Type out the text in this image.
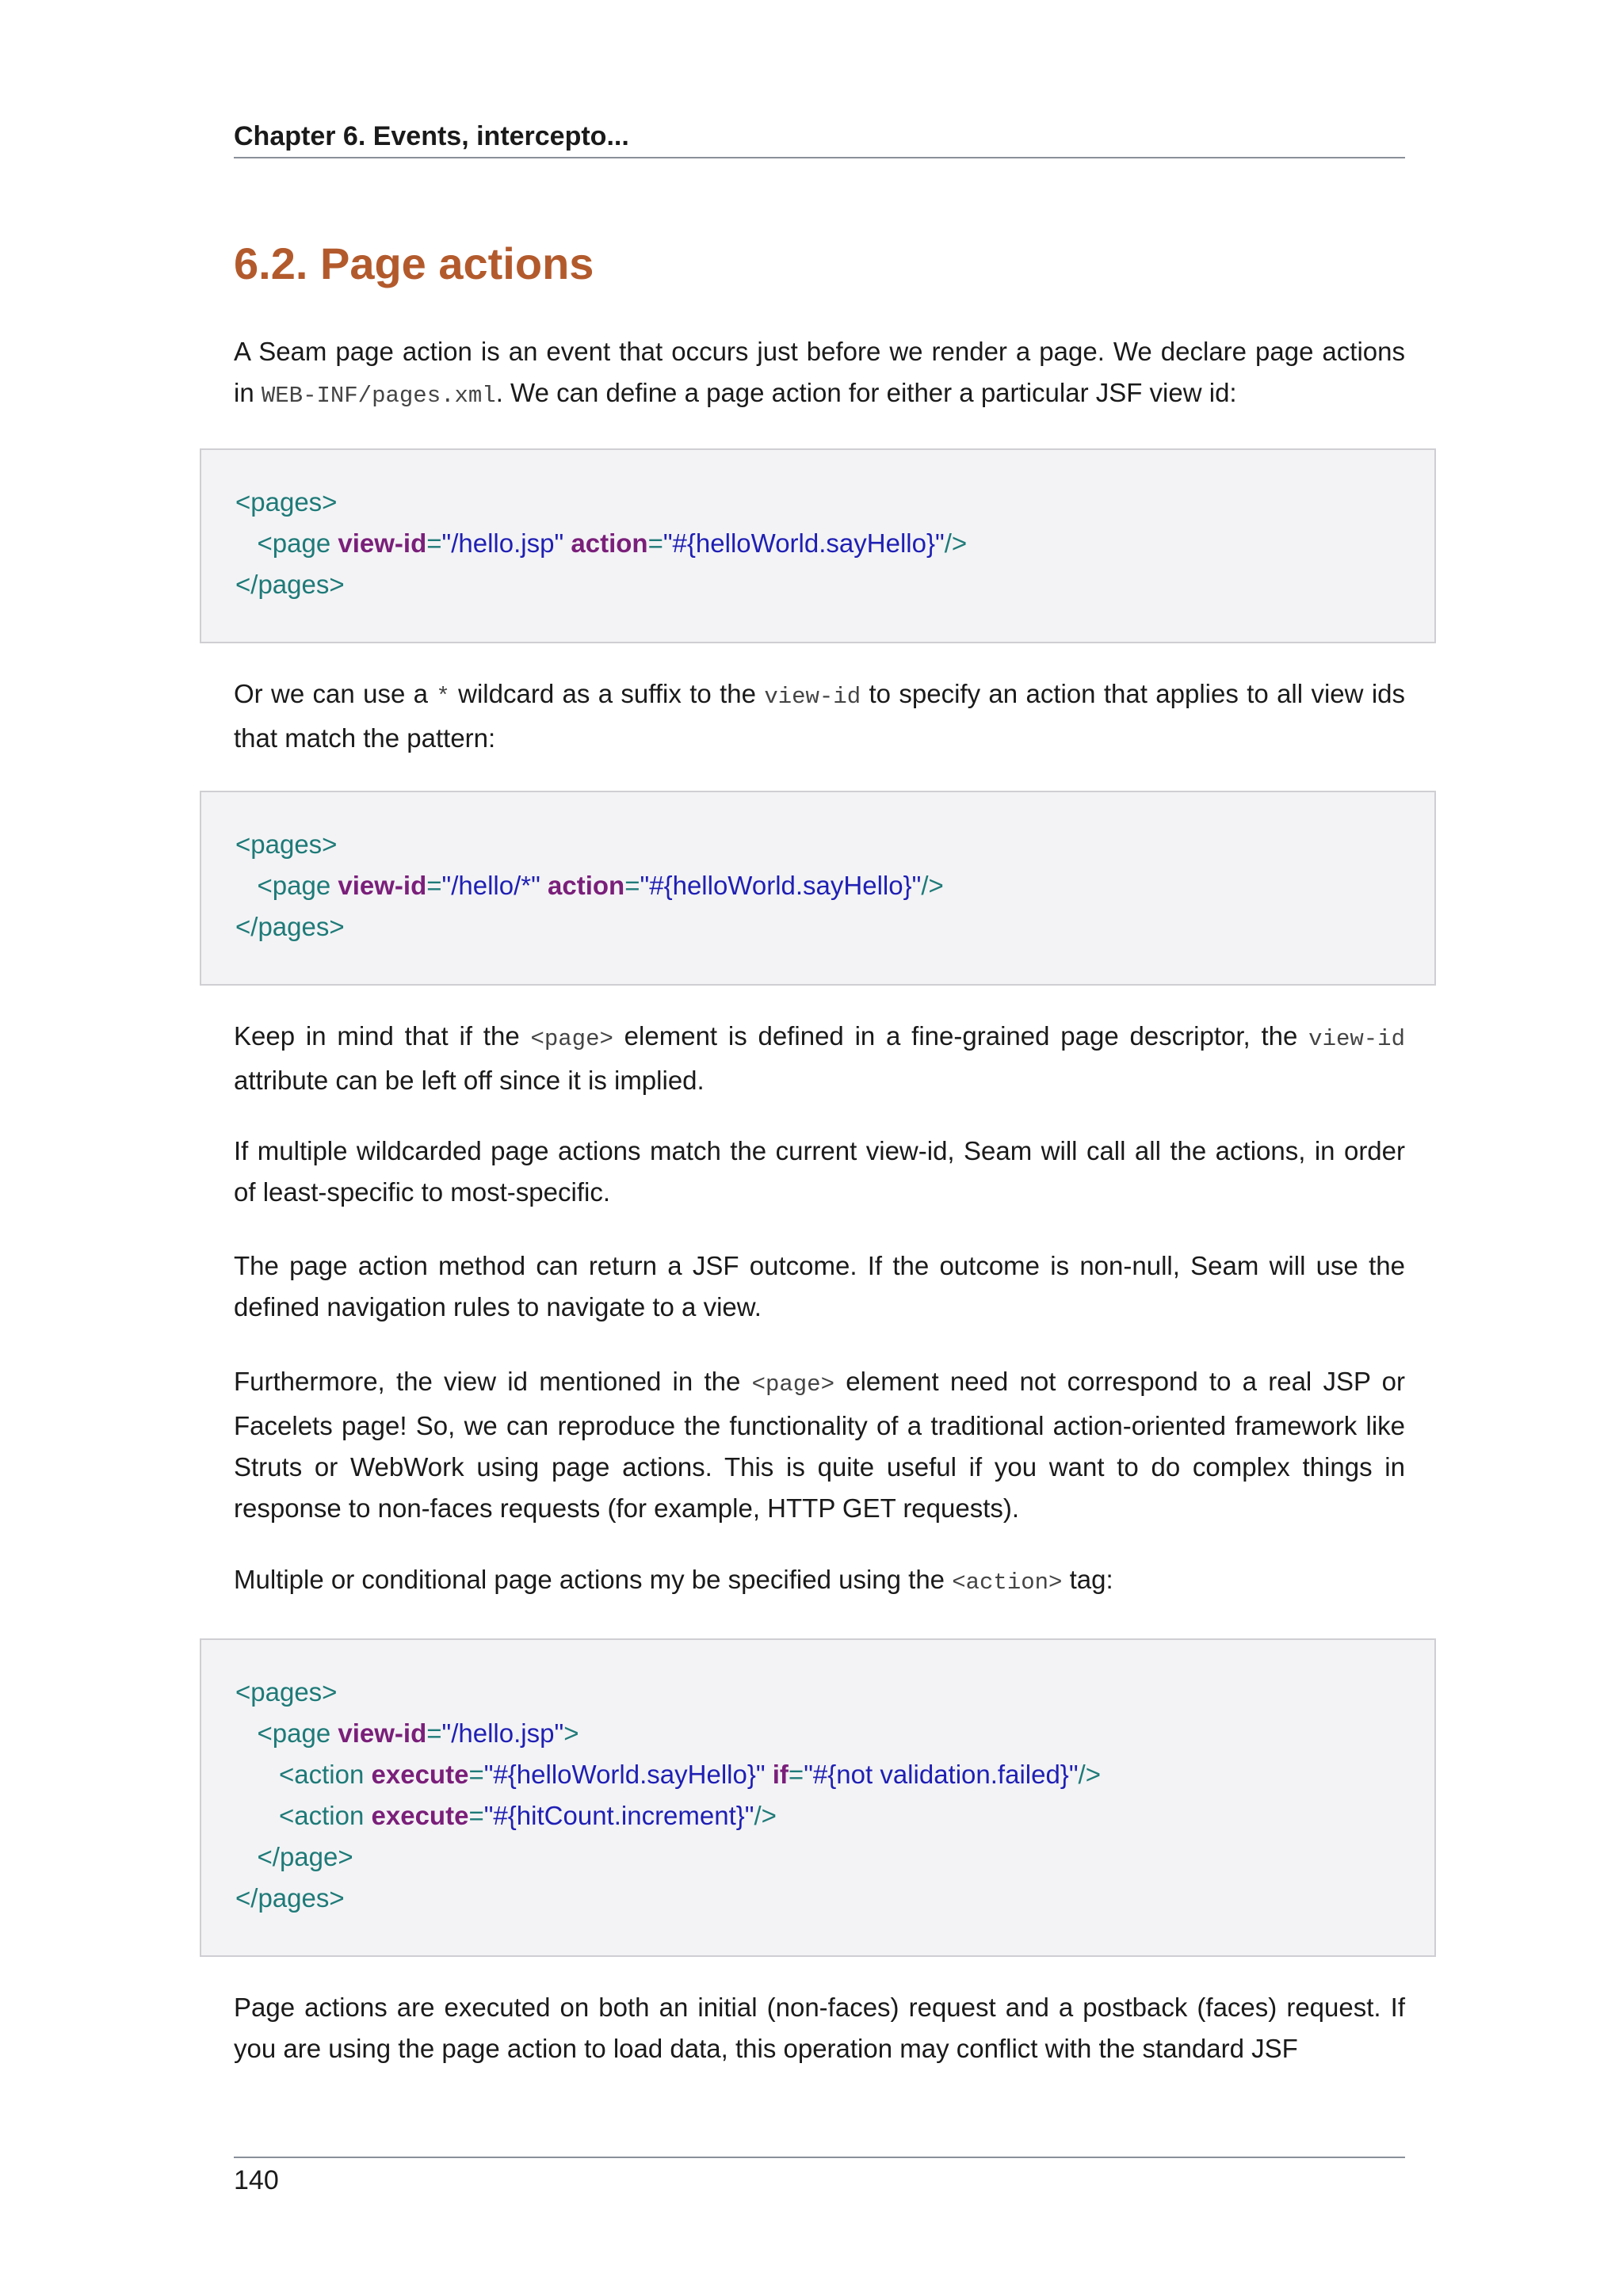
Chapter 6. Events, intercepto...
6.2. Page actions

A Seam page action is an event that occurs just before we render a page. We declare page actions in WEB-INF/pages.xml. We can define a page action for either a particular JSF view id:

<pages>
<page view-id="/hello.jsp" action="#{helloWorld.sayHello}"/>
</pages>

Or we can use a * wildcard as a suffix to the view-id to specify an action that applies to all view ids that match the pattern:

<pages>
<page view-id="/hello/*" action="#{helloWorld.sayHello}"/>
</pages>

Keep in mind that if the <page> element is defined in a fine-grained page descriptor, the view-id attribute can be left off since it is implied.

If multiple wildcarded page actions match the current view-id, Seam will call all the actions, in order of least-specific to most-specific.

The page action method can return a JSF outcome. If the outcome is non-null, Seam will use the defined navigation rules to navigate to a view.

Furthermore, the view id mentioned in the <page> element need not correspond to a real JSP or Facelets page! So, we can reproduce the functionality of a traditional action-oriented framework like Struts or WebWork using page actions. This is quite useful if you want to do complex things in response to non-faces requests (for example, HTTP GET requests).

Multiple or conditional page actions my be specified using the <action> tag:

<pages>
<page view-id="/hello.jsp">
<action execute="#{helloWorld.sayHello}" if="#{not validation.failed}"/>
<action execute="#{hitCount.increment}"/>
</page>
</pages>

Page actions are executed on both an initial (non-faces) request and a postback (faces) request. If you are using the page action to load data, this operation may conflict with the standard JSF

140
